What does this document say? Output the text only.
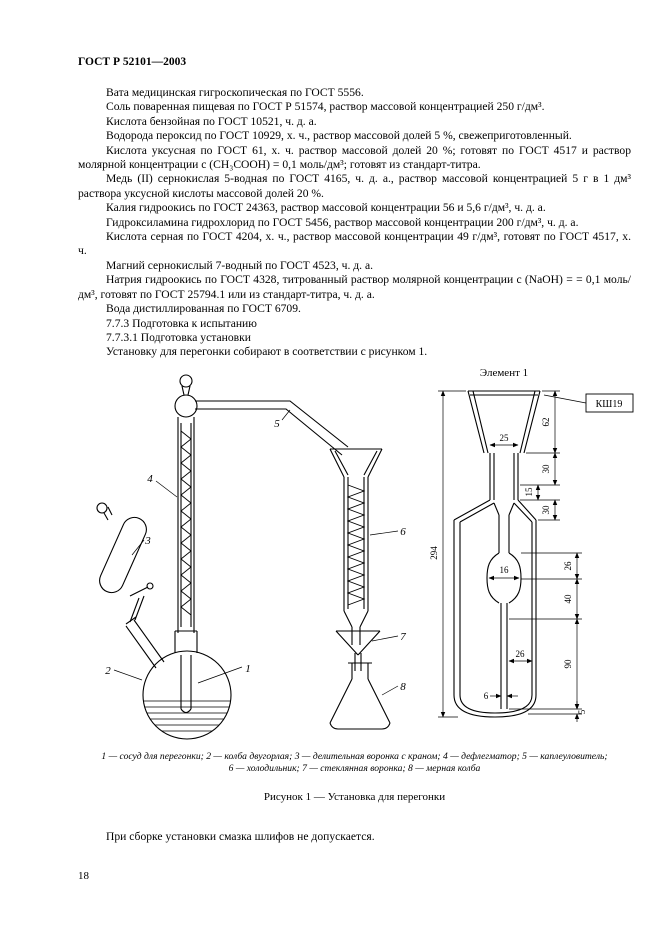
ГОСТ Р 52101—2003

Вата медицинская гигроскопическая по ГОСТ 5556.

Соль поваренная пищевая по ГОСТ Р 51574, раствор массовой концентрацией 250 г/дм³.

Кислота бензойная по ГОСТ 10521, ч. д. а.

Водорода пероксид по ГОСТ 10929, х. ч., раствор массовой долей 5 %, свежеприготовленный.

Кислота уксусная по ГОСТ 61, х. ч. раствор массовой долей 20 %; готовят по ГОСТ 4517 и раствор молярной концентрации с (СН₃СООН) = 0,1 моль/дм³; готовят из стандарт-титра.

Медь (II) сернокислая 5-водная по ГОСТ 4165, ч. д. а., раствор массовой концентрацией 5 г в 1 дм³ раствора уксусной кислоты массовой долей 20 %.

Калия гидроокись по ГОСТ 24363, раствор массовой концентрации 56 и 5,6 г/дм³, ч. д. а.

Гидроксиламина гидрохлорид по ГОСТ 5456, раствор массовой концентрации 200 г/дм³, ч. д. а.

Кислота серная по ГОСТ 4204, х. ч., раствор массовой концентрации 49 г/дм³, готовят по ГОСТ 4517, х. ч.

Магний сернокислый 7-водный по ГОСТ 4523, ч. д. а.

Натрия гидроокись по ГОСТ 4328, титрованный раствор молярной концентрации с (NaOH) = = 0,1 моль/дм³, готовят по ГОСТ 25794.1 или из стандарт-титра, ч. д. а.

Вода дистиллированная по ГОСТ 6709.

7.7.3 Подготовка к испытанию

7.7.3.1 Подготовка установки

Установку для перегонки собирают в соответствии с рисунком 1.

1
2
3
4
5
6
7
8
Элемент 1
25
62
30
15
30
294
16	26
40
26
90
6
5
КШ19
1 — сосуд для перегонки; 2 — колба двугорлая; 3 — делительная воронка с краном; 4 — дефлегматор; 5 — каплеуловитель;
6 — холодильник; 7 — стеклянная воронка; 8 — мерная колба
Рисунок 1 — Установка для перегонки

При сборке установки смазка шлифов не допускается.

18
